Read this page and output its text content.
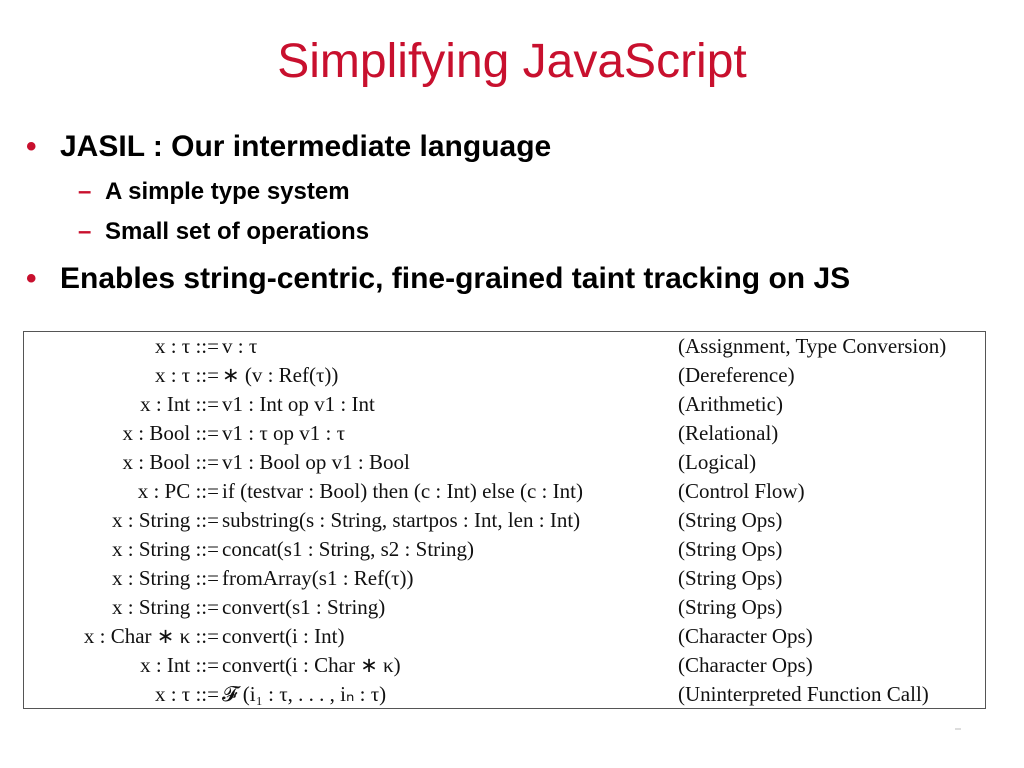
Simplifying JavaScript
• JASIL : Our intermediate language
– A simple type system
– Small set of operations
• Enables string-centric, fine-grained taint tracking on JS
x : τ ::= v : τ	(Assignment, Type Conversion)
x : τ ::= ∗ (v : Ref(τ))	(Dereference)
x : Int ::= v1 : Int op v1 : Int	(Arithmetic)
x : Bool ::= v1 : τ op v1 : τ	(Relational)
x : Bool ::= v1 : Bool op v1 : Bool	(Logical)
x : PC ::= if (testvar : Bool) then (c : Int) else (c : Int)	(Control Flow)
x : String ::= substring(s : String, startpos : Int, len : Int)	(String Ops)
x : String ::= concat(s1 : String, s2 : String)	(String Ops)
x : String ::= fromArray(s1 : Ref(τ))	(String Ops)
x : String ::= convert(s1 : String)	(String Ops)
x : Char ∗ κ ::= convert(i : Int)	(Character Ops)
x : Int ::= convert(i : Char ∗ κ)	(Character Ops)
x : τ ::= 𝓕 (i₁ : τ, . . . , iₙ : τ)	(Uninterpreted Function Call)
